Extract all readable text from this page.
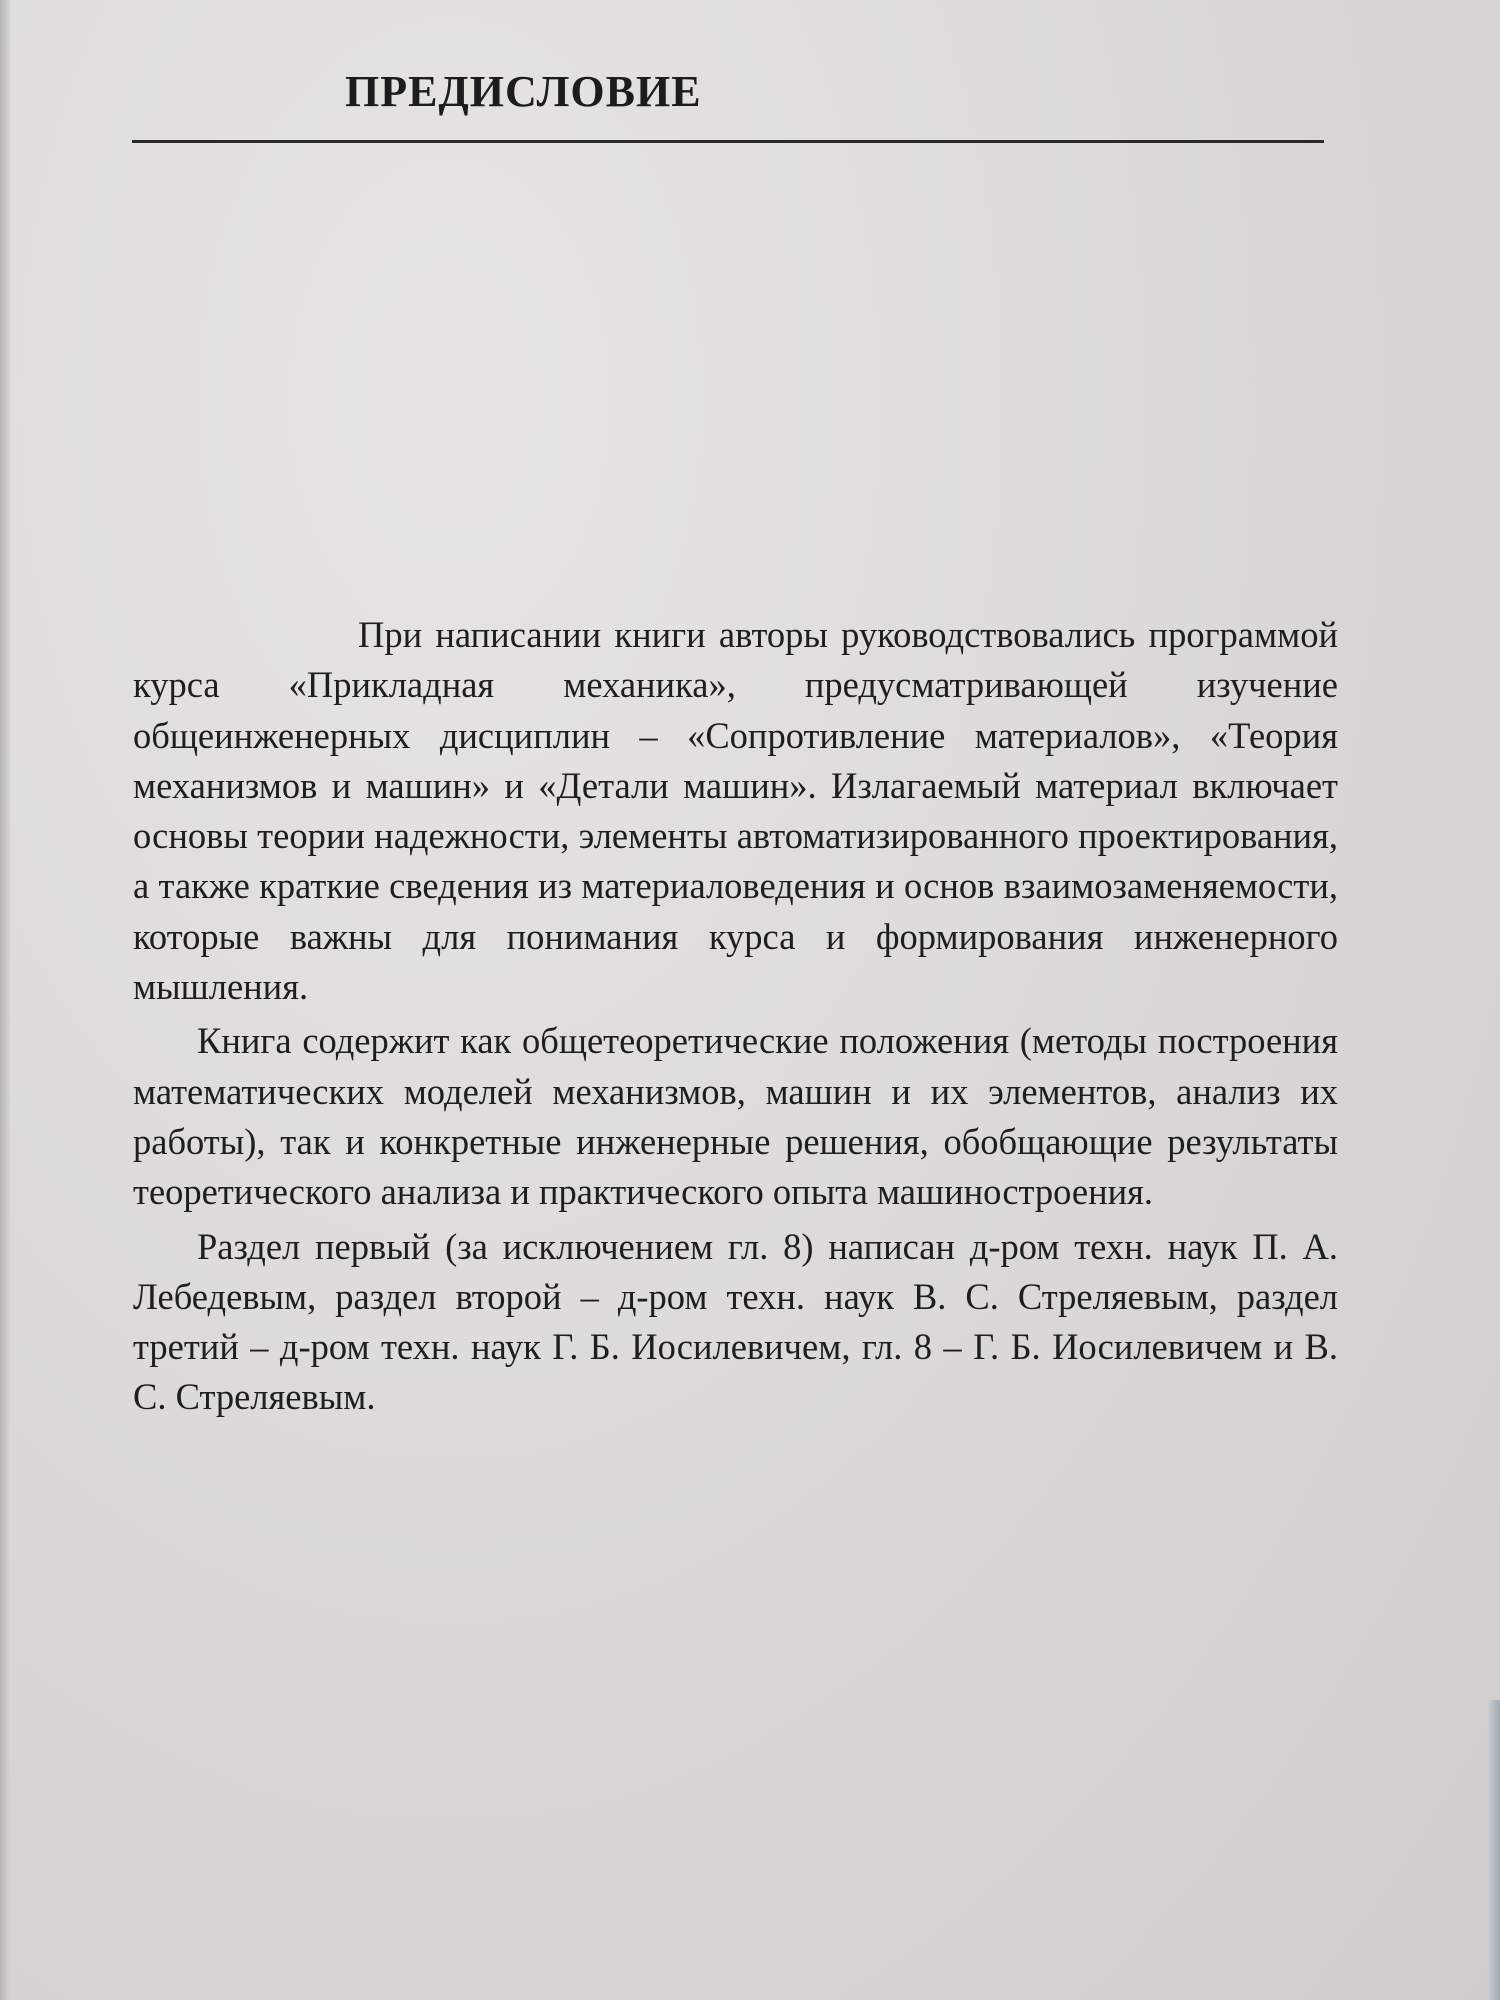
ПРЕДИСЛОВИЕ

При написании книги авторы руководствовались программой курса «Прикладная механика», предусматривающей изучение общеинженерных дисциплин – «Сопротивление материалов», «Теория механизмов и машин» и «Детали машин». Излагаемый материал включает основы теории надежности, элементы автоматизированного проектирования, а также краткие сведения из материаловедения и основ взаимозаменяемости, которые важны для понимания курса и формирования инженерного мышления.

Книга содержит как общетеоретические положения (методы построения математических моделей механизмов, машин и их элементов, анализ их работы), так и конкретные инженерные решения, обобщающие результаты теоретического анализа и практического опыта машиностроения.

Раздел первый (за исключением гл. 8) написан д-ром техн. наук П. А. Лебедевым, раздел второй – д-ром техн. наук В. С. Стреляевым, раздел третий – д-ром техн. наук Г. Б. Иосилевичем, гл. 8 – Г. Б. Иосилевичем и В. С. Стреляевым.
